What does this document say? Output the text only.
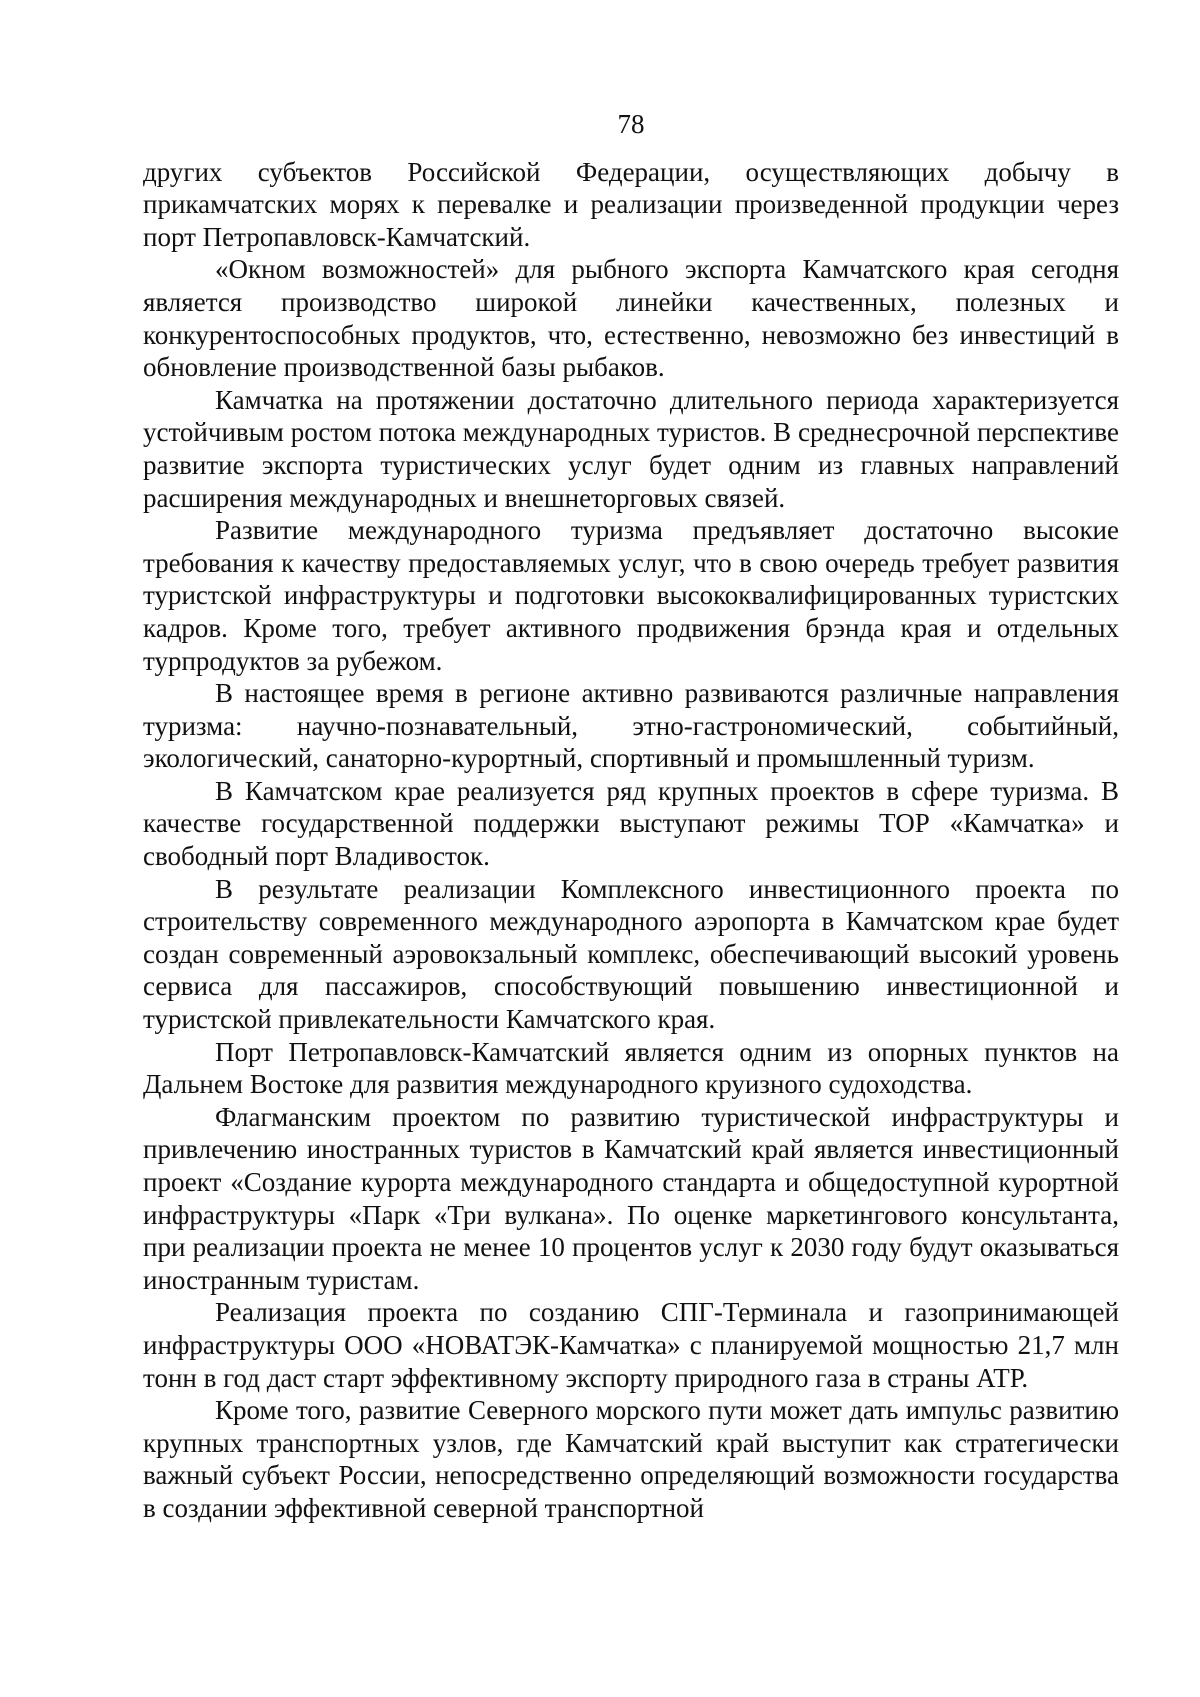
78

других субъектов Российской Федерации, осуществляющих добычу в прикамчатских морях к перевалке и реализации произведенной продукции через порт Петропавловск-Камчатский.

«Окном возможностей» для рыбного экспорта Камчатского края сегодня является производство широкой линейки качественных, полезных и конкурентоспособных продуктов, что, естественно, невозможно без инвестиций в обновление производственной базы рыбаков.

Камчатка на протяжении достаточно длительного периода характеризуется устойчивым ростом потока международных туристов. В среднесрочной перспективе развитие экспорта туристических услуг будет одним из главных направлений расширения международных и внешнеторговых связей.

Развитие международного туризма предъявляет достаточно высокие требования к качеству предоставляемых услуг, что в свою очередь требует развития туристской инфраструктуры и подготовки высококвалифицированных туристских кадров. Кроме того, требует активного продвижения брэнда края и отдельных турпродуктов за рубежом.

В настоящее время в регионе активно развиваются различные направления туризма: научно-познавательный, этно-гастрономический, событийный, экологический, санаторно-курортный, спортивный и промышленный туризм.

В Камчатском крае реализуется ряд крупных проектов в сфере туризма. В качестве государственной поддержки выступают режимы ТОР «Камчатка» и свободный порт Владивосток.

В результате реализации Комплексного инвестиционного проекта по строительству современного международного аэропорта в Камчатском крае будет создан современный аэровокзальный комплекс, обеспечивающий высокий уровень сервиса для пассажиров, способствующий повышению инвестиционной и туристской привлекательности Камчатского края.

Порт Петропавловск-Камчатский является одним из опорных пунктов на Дальнем Востоке для развития международного круизного судоходства.

Флагманским проектом по развитию туристической инфраструктуры и привлечению иностранных туристов в Камчатский край является инвестиционный проект «Создание курорта международного стандарта и общедоступной курортной инфраструктуры «Парк «Три вулкана». По оценке маркетингового консультанта, при реализации проекта не менее 10 процентов услуг к 2030 году будут оказываться иностранным туристам.

Реализация проекта по созданию СПГ-Терминала и газопринимающей инфраструктуры ООО «НОВАТЭК-Камчатка» с планируемой мощностью 21,7 млн тонн в год даст старт эффективному экспорту природного газа в страны АТР.

Кроме того, развитие Северного морского пути может дать импульс развитию крупных транспортных узлов, где Камчатский край выступит как стратегически важный субъект России, непосредственно определяющий возможности государства в создании эффективной северной транспортной
